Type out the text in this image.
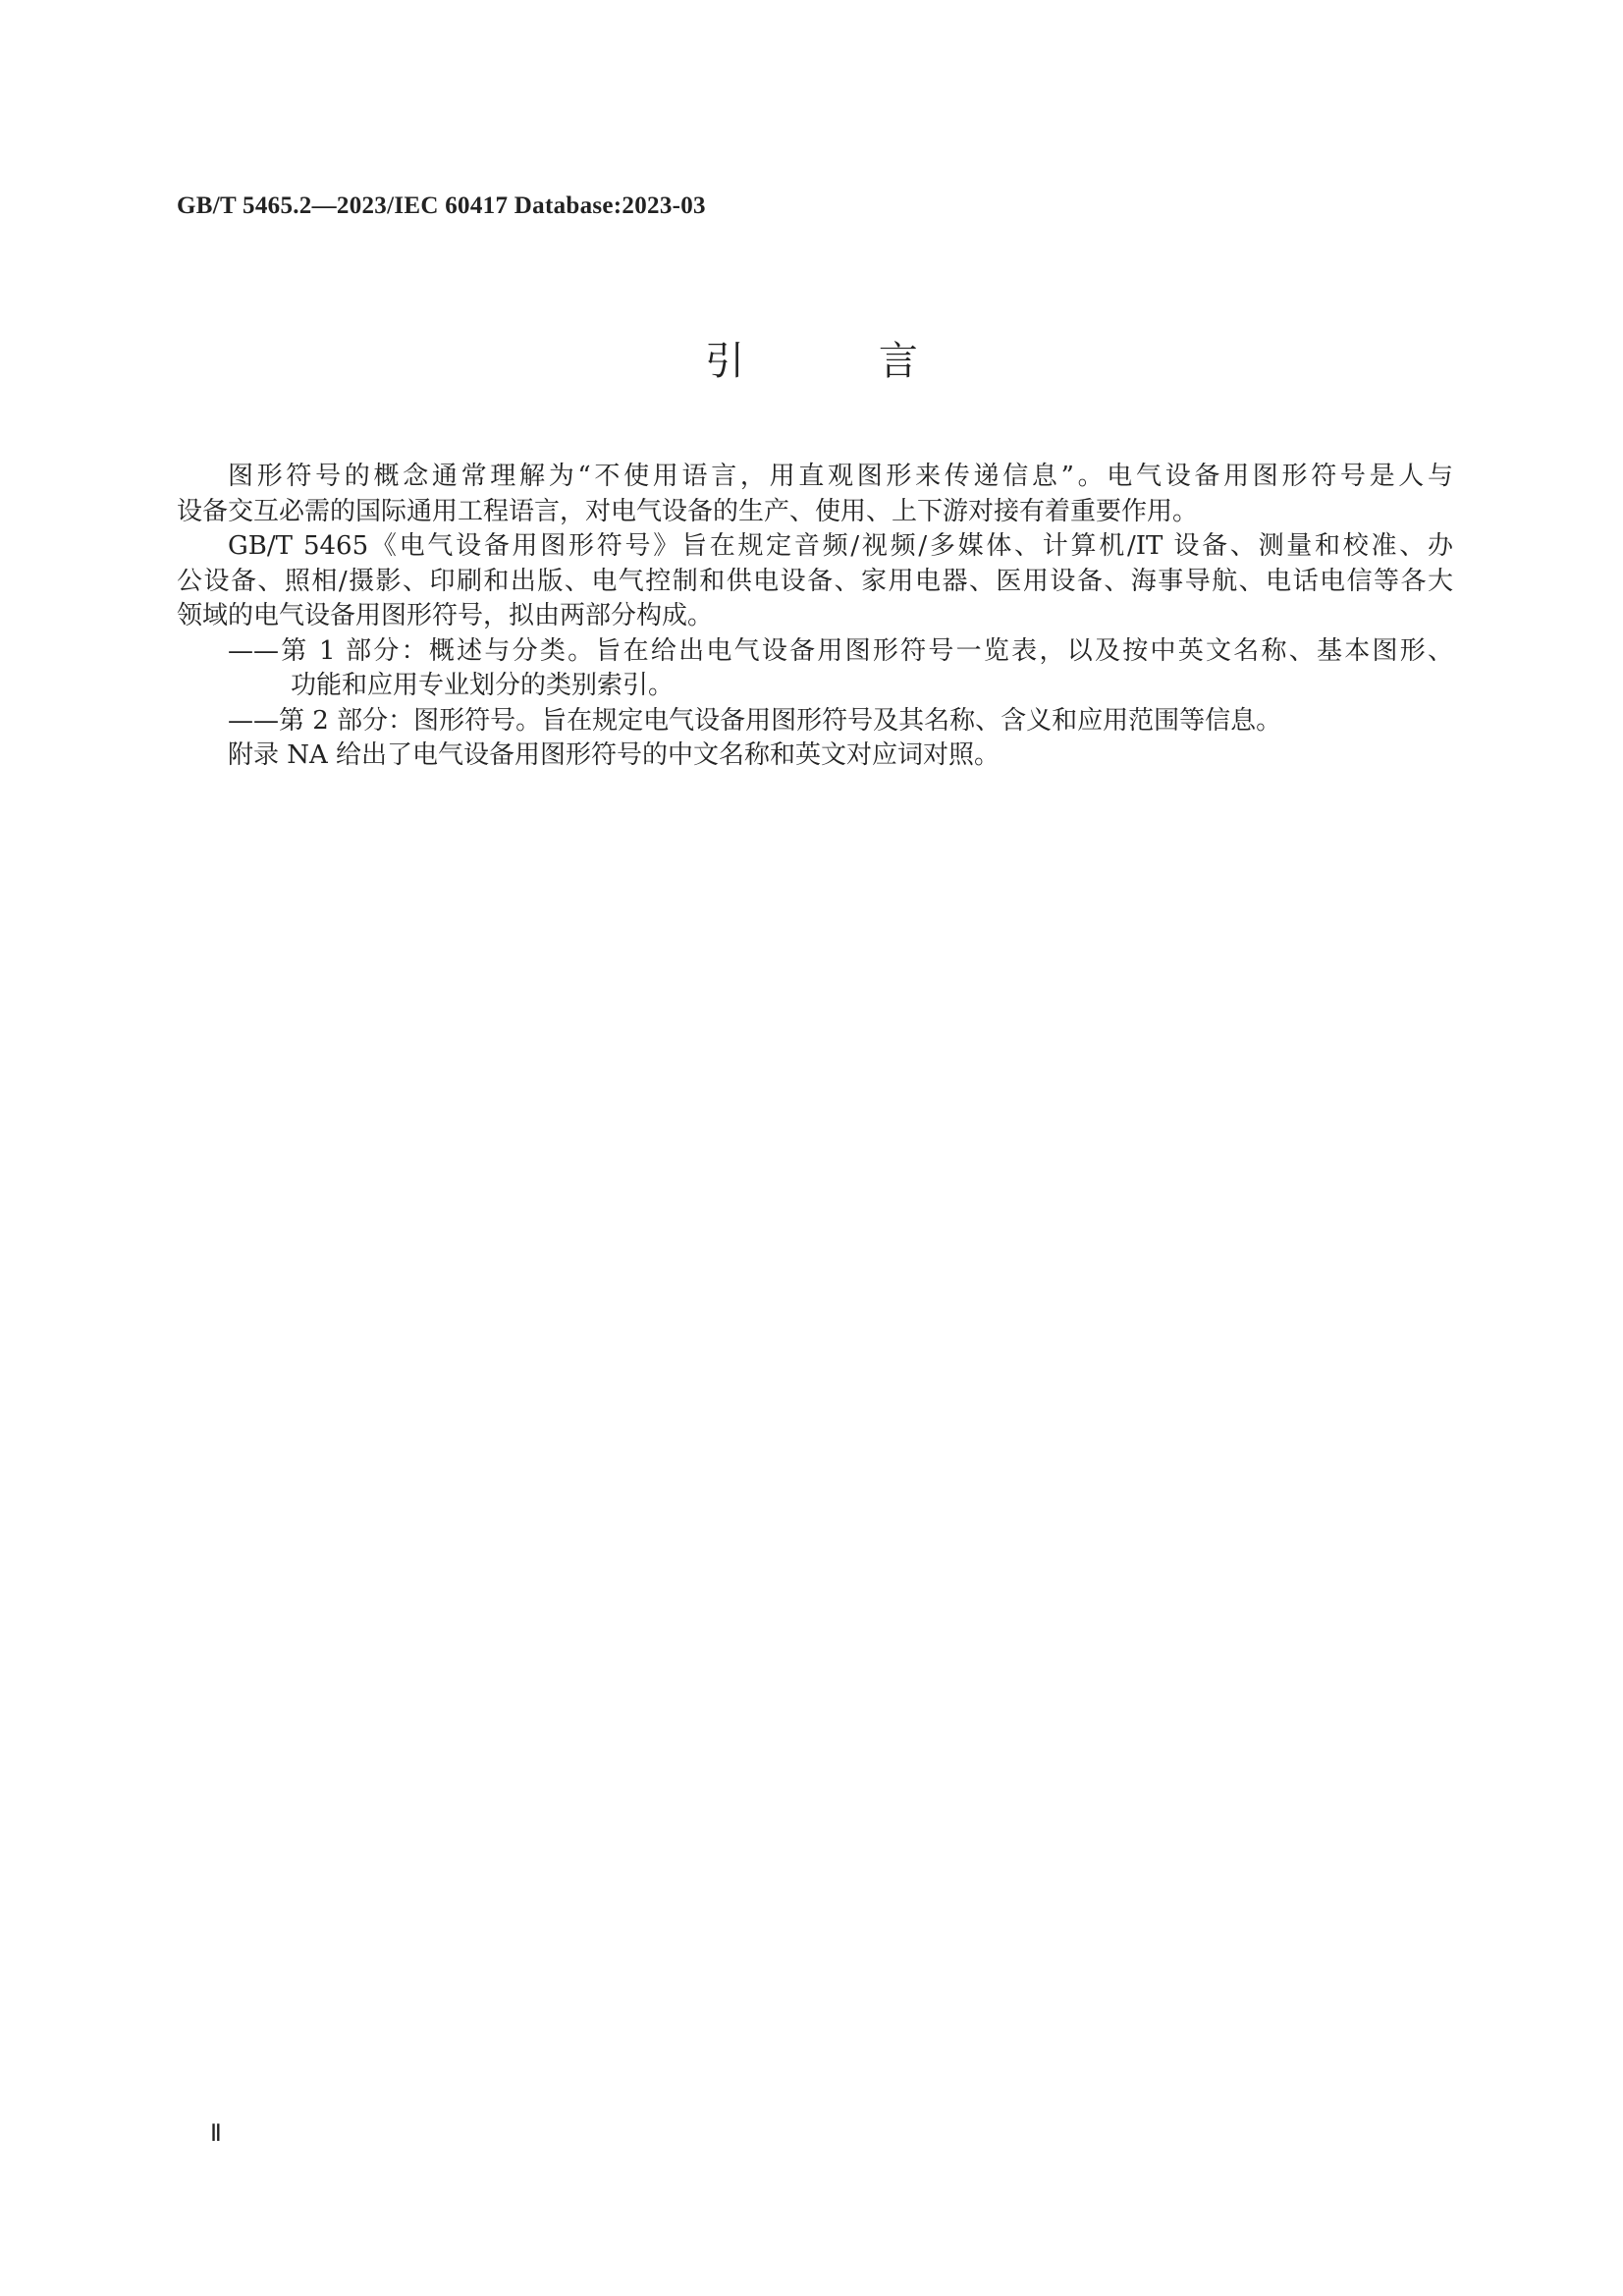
GB/T 5465.2—2023/IEC 60417 Database:2023-03
引 言

图形符号的概念通常理解为“不使用语言，用直观图形来传递信息”。电气设备用图形符号是人与
设备交互必需的国际通用工程语言，对电气设备的生产、使用、上下游对接有着重要作用。

GB/T 5465《电气设备用图形符号》旨在规定音频/视频/多媒体、计算机/IT 设备、测量和校准、办
公设备、照相/摄影、印刷和出版、电气控制和供电设备、家用电器、医用设备、海事导航、电话电信等各大
领域的电气设备用图形符号，拟由两部分构成。

——第 1 部分：概述与分类。旨在给出电气设备用图形符号一览表，以及按中英文名称、基本图形、
功能和应用专业划分的类别索引。

——第 2 部分：图形符号。旨在规定电气设备用图形符号及其名称、含义和应用范围等信息。

附录 NA 给出了电气设备用图形符号的中文名称和英文对应词对照。

Ⅱ
